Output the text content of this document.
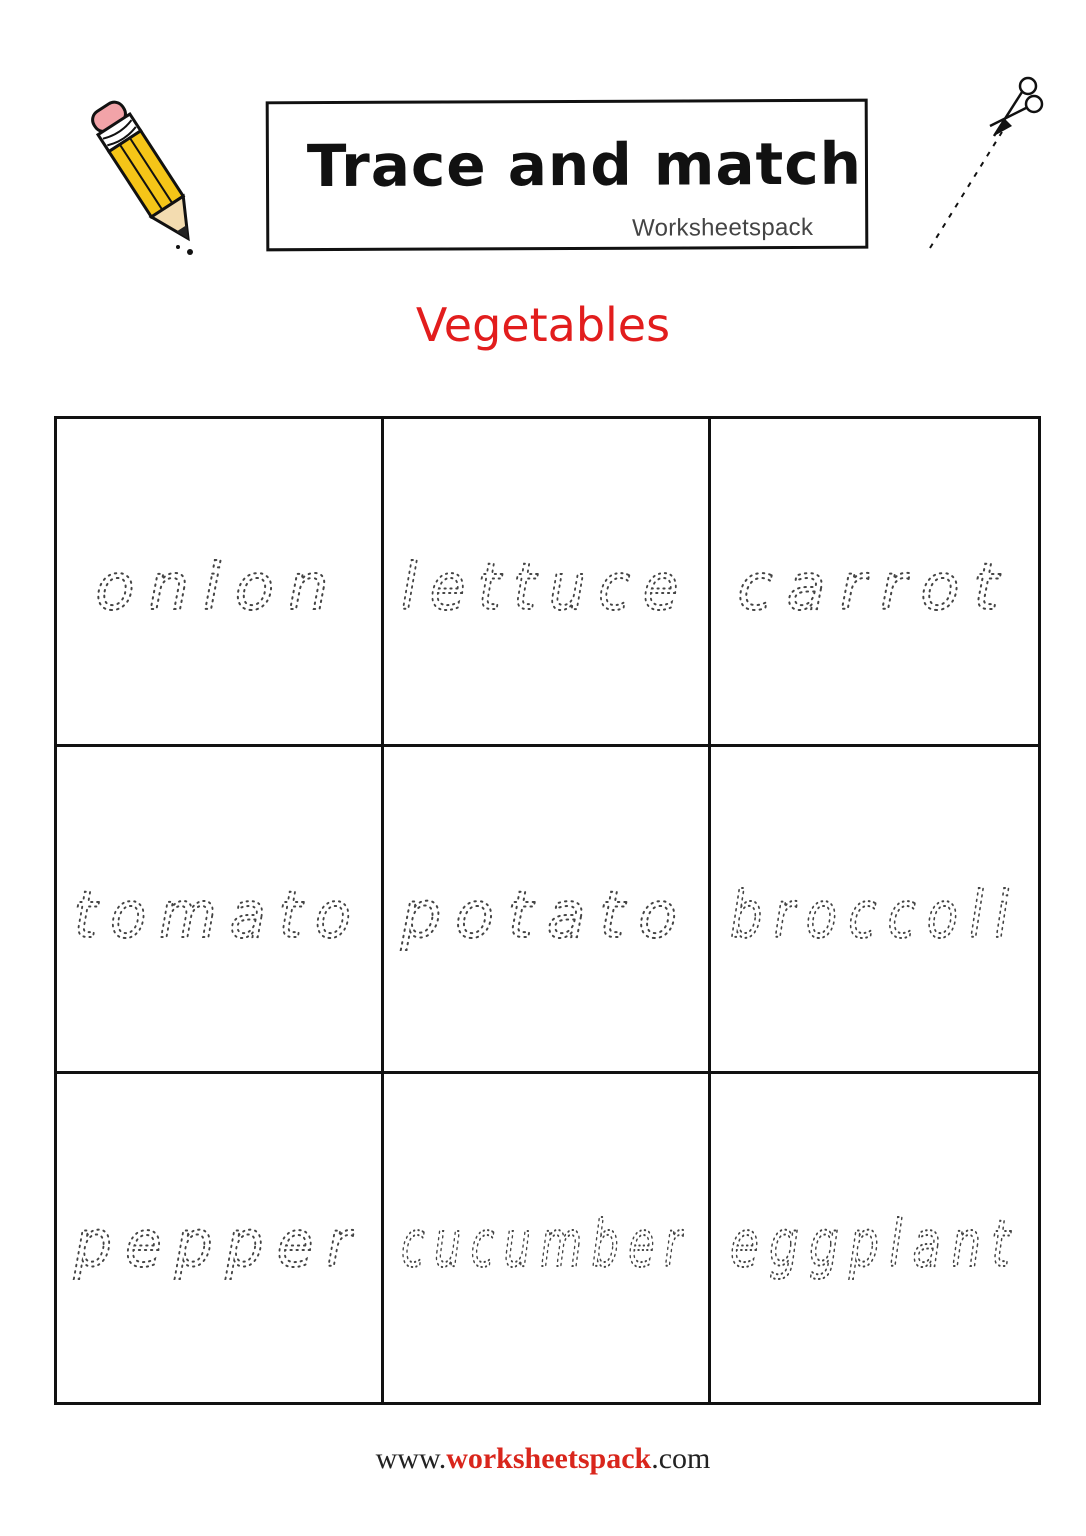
Trace and match
Worksheetspack
Vegetables
onion lettuce carrot
tomato potato broccoli
pepper cucumber eggplant
www.worksheetspack.com
